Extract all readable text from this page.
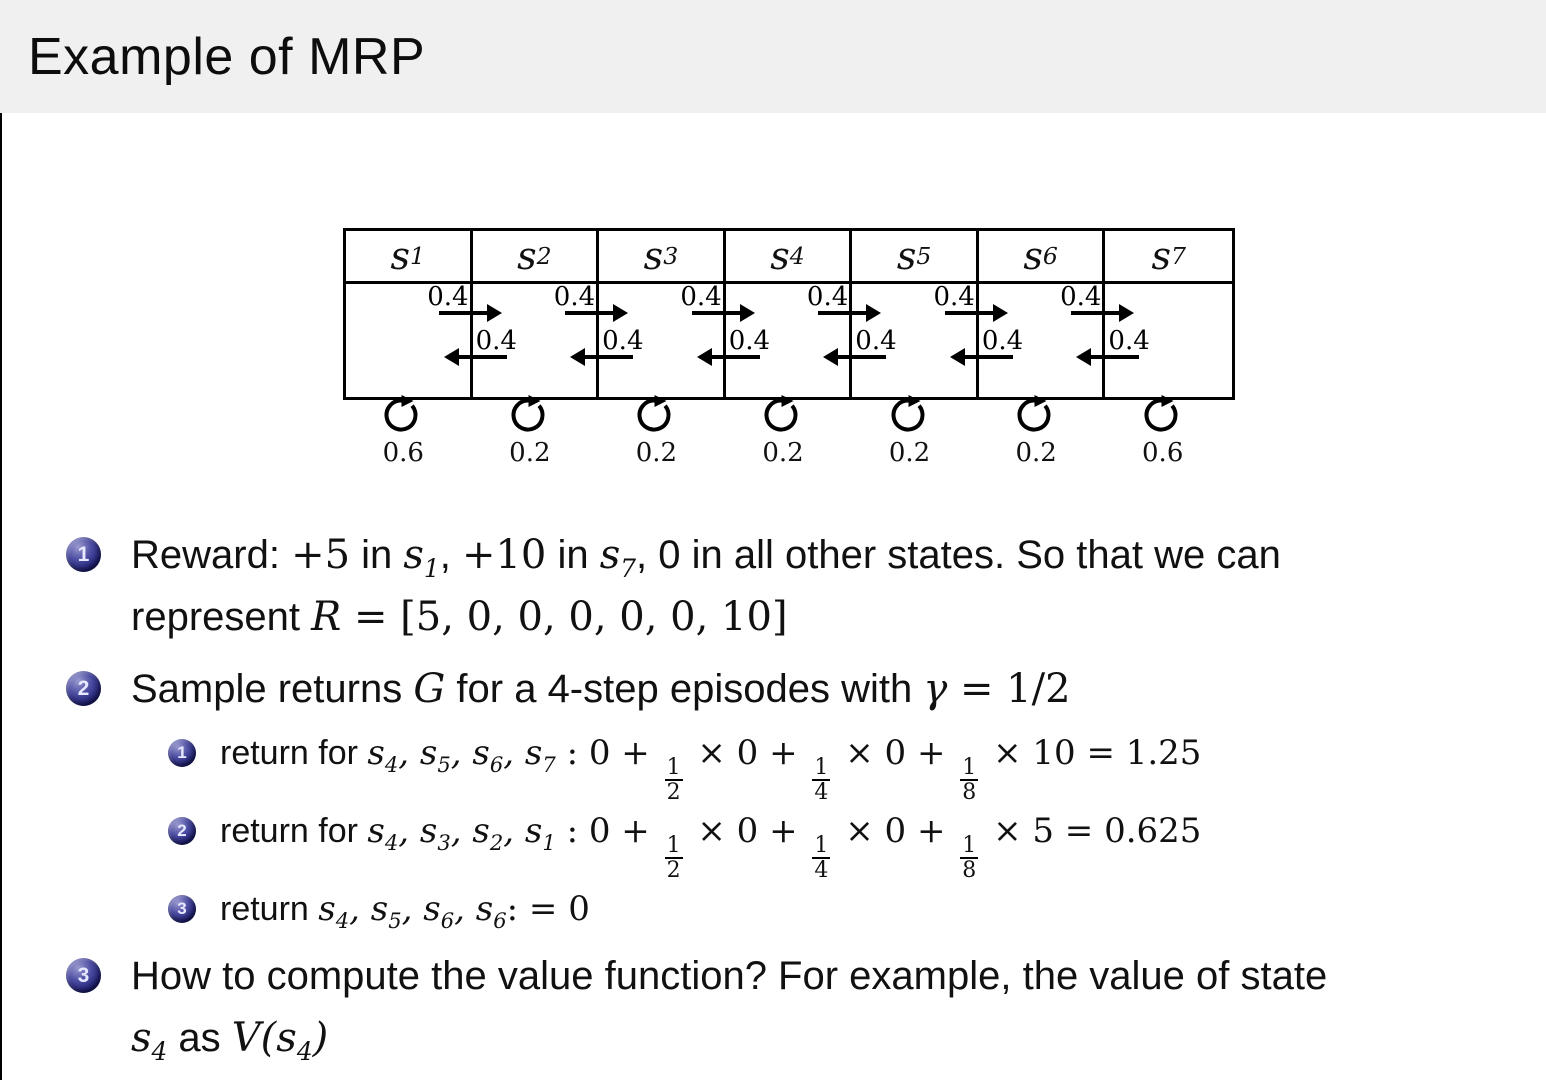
Example of MRP
s 1	s 2	s 3	s 4	s 5	s 6	s 7
0.4
0.4
0.4
0.4
0.4
0.4
0.4
0.4
0.4
0.4
0.4
0.4
0.6	0.2	0.2	0.2	0.2	0.2	0.6
1 Reward: +5 in $s_1$, +10 in $s_7$, 0 in all other states. So that we can
represent R = [5, 0, 0, 0, 0, 0, 10]
2 Sample returns G for a 4-step episodes with γ = 1/2
1 return for $s_4$, $s_5$, $s_6$, $s_7$ : 0 +
$\frac{1}{2}$
× 0 +
$\frac{1}{4}$
× 0 +
$\frac{1}{8}$
× 10 = 1.25
2 return for $s_4$, $s_3$, $s_2$, $s_1$ : 0 +
$\frac{1}{2}$
× 0 +
$\frac{1}{4}$
× 0 +
$\frac{1}{8}$
× 5 = 0.625
3 return $s_4$, $s_5$, $s_6$, $s_6$: = 0
3 How to compute the value function? For example, the value of state
$s_4$ as $V(s_4)$
